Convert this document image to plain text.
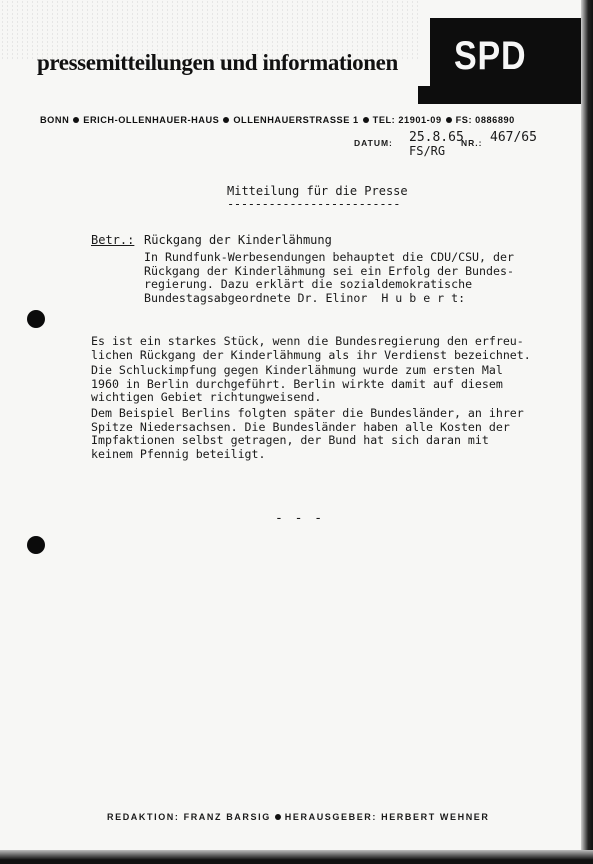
pressemitteilungen und informationen SPD
BONN ERICH-OLLENHAUER-HAUS OLLENHAUERSTRASSE 1 TEL: 21901-09 FS: 0886890
DATUM: 25.8.65
FS/RG
NR.: 467/65
Mitteilung für die Presse
-------------------------
Betr.: Rückgang der Kinderlähmung
In Rundfunk-Werbesendungen behauptet die CDU/CSU, der
Rückgang der Kinderlähmung sei ein Erfolg der Bundes-
regierung. Dazu erklärt die sozialdemokratische
Bundestagsabgeordnete Dr. Elinor  H u b e r t:
Es ist ein starkes Stück, wenn die Bundesregierung den erfreu-
lichen Rückgang der Kinderlähmung als ihr Verdienst bezeichnet.
Die Schluckimpfung gegen Kinderlähmung wurde zum ersten Mal
1960 in Berlin durchgeführt. Berlin wirkte damit auf diesem
wichtigen Gebiet richtungweisend.
Dem Beispiel Berlins folgten später die Bundesländer, an ihrer
Spitze Niedersachsen. Die Bundesländer haben alle Kosten der
Impfaktionen selbst getragen, der Bund hat sich daran mit
keinem Pfennig beteiligt.
- - -
REDAKTION: FRANZ BARSIG HERAUSGEBER: HERBERT WEHNER
